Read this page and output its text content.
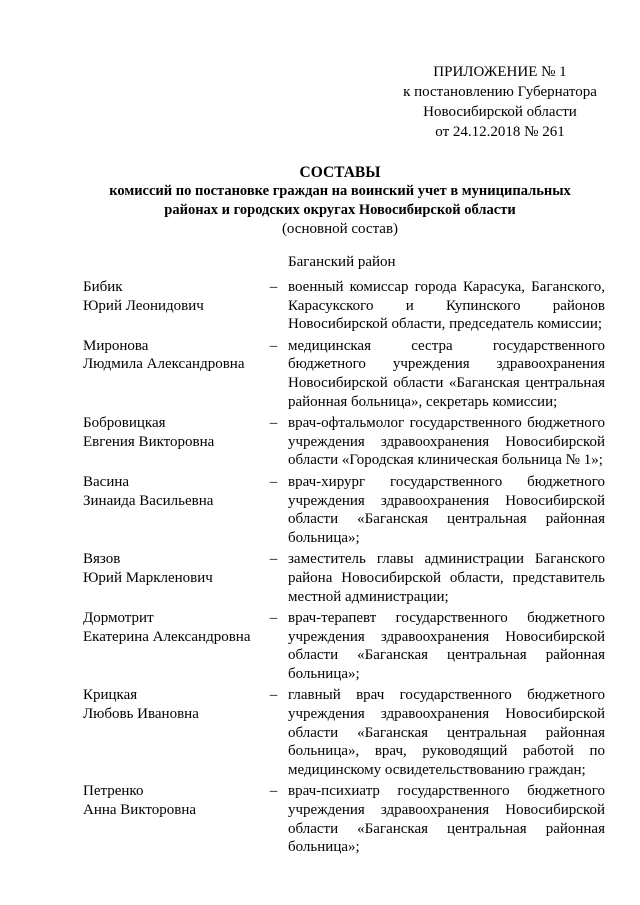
ПРИЛОЖЕНИЕ № 1
к постановлению Губернатора
Новосибирской области
от 24.12.2018 № 261
СОСТАВЫ
комиссий по постановке граждан на воинский учет в муниципальных
районах и городских округах Новосибирской области
(основной состав)
Баганский район
Бибик
Юрий Леонидович
– военный комиссар города Карасука, Баганского, Карасукского и Купинского районов Новосибирской области, председатель комиссии;
Миронова
Людмила Александровна
– медицинская сестра государственного бюджетного учреждения здравоохранения Новосибирской области «Баганская центральная районная больница», секретарь комиссии;
Бобровицкая
Евгения Викторовна
– врач-офтальмолог государственного бюджетного учреждения здравоохранения Новосибирской области «Городская клиническая больница № 1»;
Васина
Зинаида Васильевна
– врач-хирург государственного бюджетного учреждения здравоохранения Новосибирской области «Баганская центральная районная больница»;
Вязов
Юрий Маркленович
– заместитель главы администрации Баганского района Новосибирской области, представитель местной администрации;
Дормотрит
Екатерина Александровна
– врач-терапевт государственного бюджетного учреждения здравоохранения Новосибирской области «Баганская центральная районная больница»;
Крицкая
Любовь Ивановна
– главный врач государственного бюджетного учреждения здравоохранения Новосибирской области «Баганская центральная районная больница», врач, руководящий работой по медицинскому освидетельствованию граждан;
Петренко
Анна Викторовна
– врач-психиатр государственного бюджетного учреждения здравоохранения Новосибирской области «Баганская центральная районная больница»;
